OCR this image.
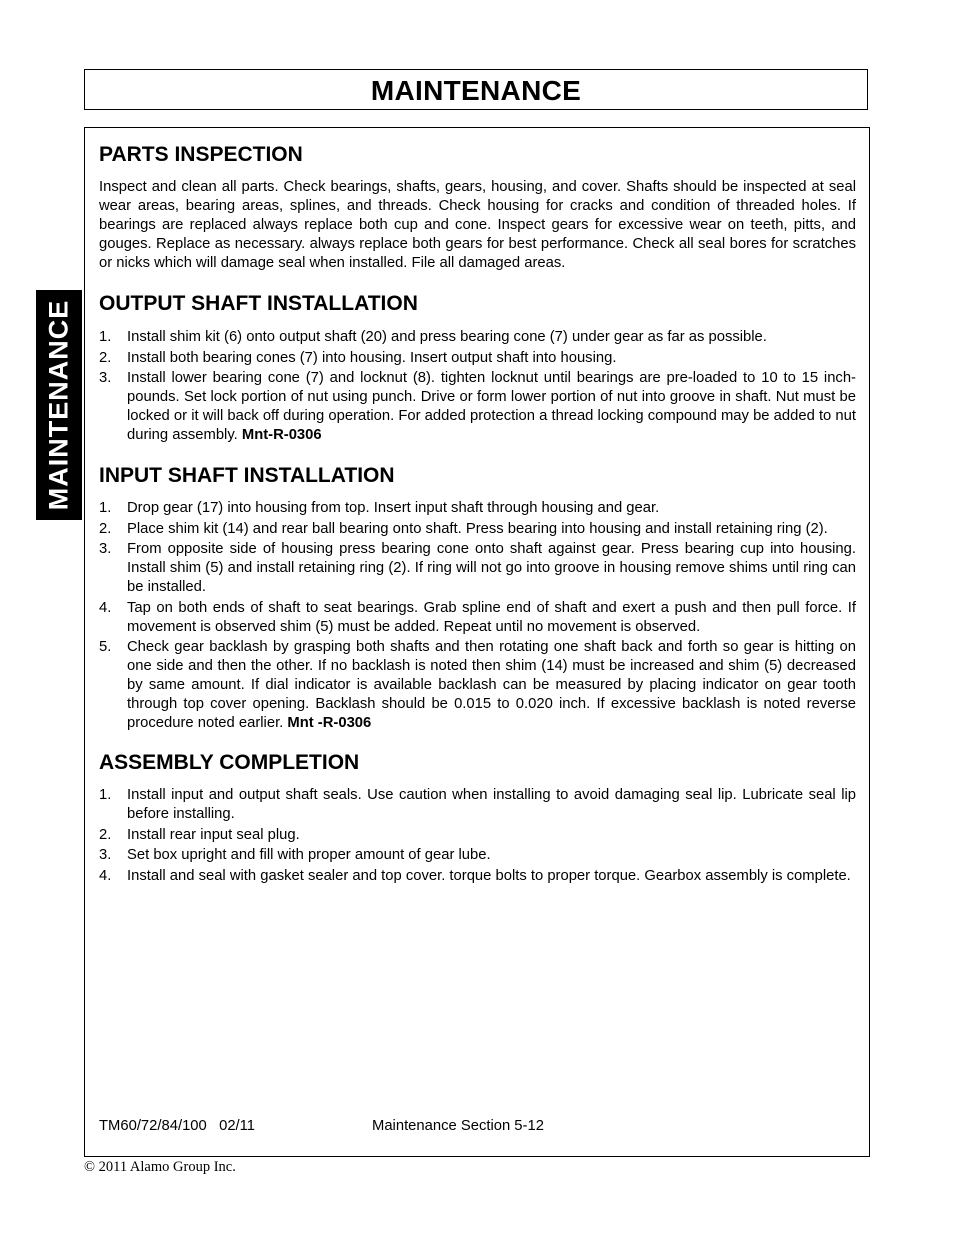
MAINTENANCE
MAINTENANCE
PARTS INSPECTION

Inspect and clean all parts. Check bearings, shafts, gears, housing, and cover. Shafts should be inspected at seal wear areas, bearing areas, splines, and threads. Check housing for cracks and condition of threaded holes. If bearings are replaced always replace both cup and cone. Inspect gears for excessive wear on teeth, pitts, and gouges. Replace as necessary. always replace both gears for best performance. Check all seal bores for scratches or nicks which will damage seal when installed. File all damaged areas.

OUTPUT SHAFT INSTALLATION
1. Install shim kit (6) onto output shaft (20) and press bearing cone (7) under gear as far as possible.
2. Install both bearing cones (7) into housing. Insert output shaft into housing.
3. Install lower bearing cone (7) and locknut (8). tighten locknut until bearings are pre-loaded to 10 to 15 inch-pounds. Set lock portion of nut using punch. Drive or form lower portion of nut into groove in shaft. Nut must be locked or it will back off during operation. For added protection a thread locking compound may be added to nut during assembly. Mnt-R-0306
INPUT SHAFT INSTALLATION
1. Drop gear (17) into housing from top. Insert input shaft through housing and gear.
2. Place shim kit (14) and rear ball bearing onto shaft. Press bearing into housing and install retaining ring (2).
3. From opposite side of housing press bearing cone onto shaft against gear. Press bearing cup into housing. Install shim (5) and install retaining ring (2). If ring will not go into groove in housing remove shims until ring can be installed.
4. Tap on both ends of shaft to seat bearings. Grab spline end of shaft and exert a push and then pull force. If movement is observed shim (5) must be added. Repeat until no movement is observed.
5. Check gear backlash by grasping both shafts and then rotating one shaft back and forth so gear is hitting on one side and then the other. If no backlash is noted then shim (14) must be increased and shim (5) decreased by same amount. If dial indicator is available backlash can be measured by placing indicator on gear tooth through top cover opening. Backlash should be 0.015 to 0.020 inch. If excessive backlash is noted reverse procedure noted earlier. Mnt -R-0306
ASSEMBLY COMPLETION
1. Install input and output shaft seals. Use caution when installing to avoid damaging seal lip. Lubricate seal lip before installing.
2. Install rear input seal plug.
3. Set box upright and fill with proper amount of gear lube.
4. Install and seal with gasket sealer and top cover. torque bolts to proper torque. Gearbox assembly is complete.
TM60/72/84/100   02/11	Maintenance Section 5-12
© 2011 Alamo Group Inc.
